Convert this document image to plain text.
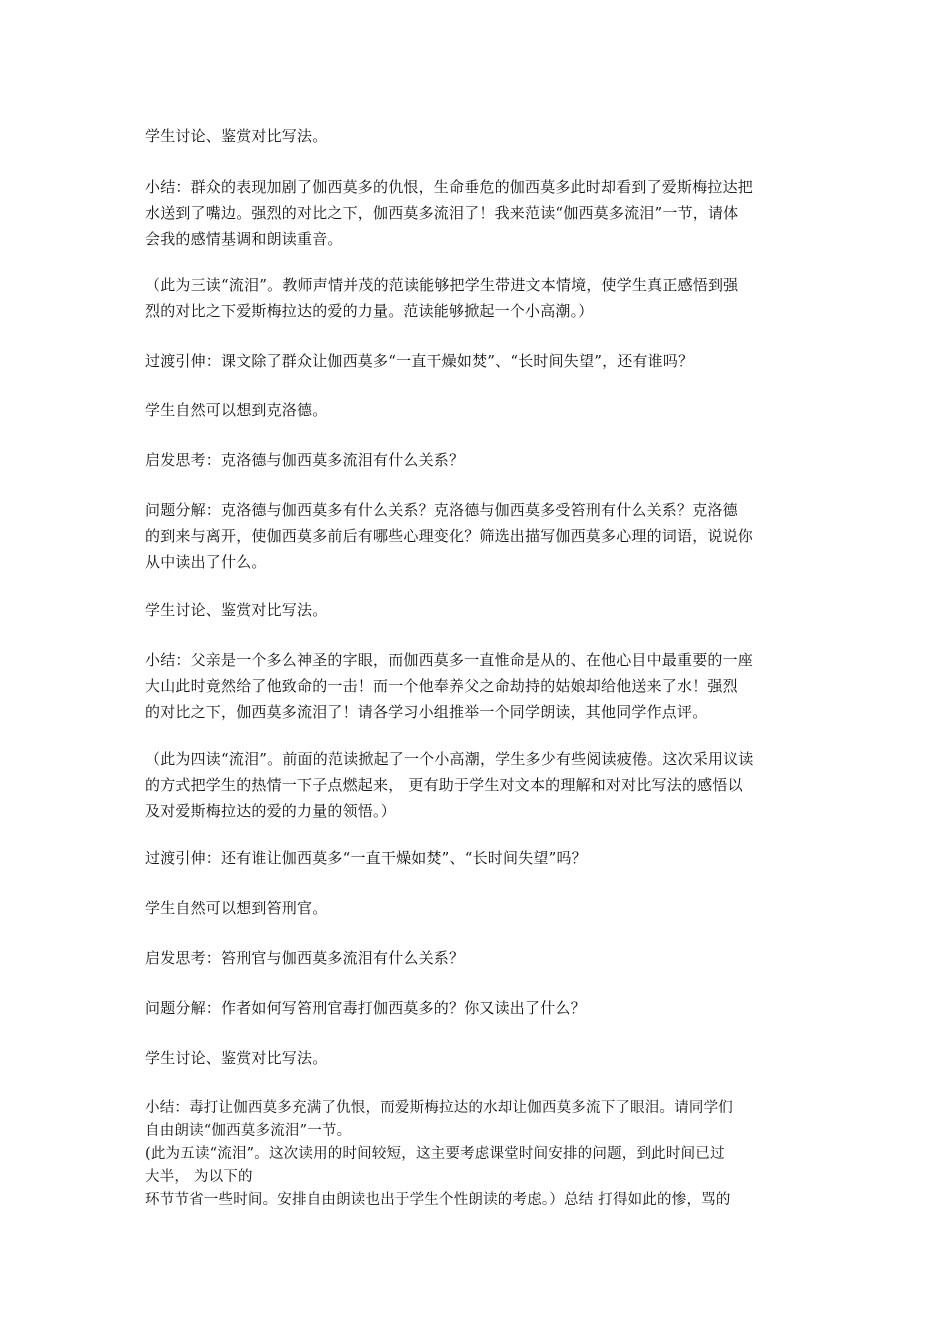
学生讨论、鉴赏对比写法。

小结：群众的表现加剧了伽西莫多的仇恨，生命垂危的伽西莫多此时却看到了爱斯梅拉达把
水送到了嘴边。强烈的对比之下，伽西莫多流泪了！我来范读“伽西莫多流泪”一节，请体
会我的感情基调和朗读重音。

（此为三读“流泪”。教师声情并茂的范读能够把学生带进文本情境，使学生真正感悟到强
烈的对比之下爱斯梅拉达的爱的力量。范读能够掀起一个小高潮。）

过渡引伸：课文除了群众让伽西莫多“一直干燥如焚”、“长时间失望”，还有谁吗？

学生自然可以想到克洛德。

启发思考：克洛德与伽西莫多流泪有什么关系？

问题分解：克洛德与伽西莫多有什么关系？克洛德与伽西莫多受笞刑有什么关系？克洛德
的到来与离开，使伽西莫多前后有哪些心理变化？筛选出描写伽西莫多心理的词语，说说你
从中读出了什么。

学生讨论、鉴赏对比写法。

小结：父亲是一个多么神圣的字眼，而伽西莫多一直惟命是从的、在他心目中最重要的一座
大山此时竟然给了他致命的一击！而一个他奉养父之命劫持的姑娘却给他送来了水！强烈
的对比之下，伽西莫多流泪了！请各学习小组推举一个同学朗读，其他同学作点评。

（此为四读“流泪”。前面的范读掀起了一个小高潮，学生多少有些阅读疲倦。这次采用议读
的方式把学生的热情一下子点燃起来， 更有助于学生对文本的理解和对对比写法的感悟以
及对爱斯梅拉达的爱的力量的领悟。）

过渡引伸：还有谁让伽西莫多“一直干燥如焚”、“长时间失望”吗？

学生自然可以想到笞刑官。

启发思考：笞刑官与伽西莫多流泪有什么关系？

问题分解：作者如何写笞刑官毒打伽西莫多的？你又读出了什么？

学生讨论、鉴赏对比写法。

小结：毒打让伽西莫多充满了仇恨，而爱斯梅拉达的水却让伽西莫多流下了眼泪。请同学们
自由朗读“伽西莫多流泪”一节。
(此为五读“流泪”。这次读用的时间较短，这主要考虑课堂时间安排的问题，到此时间已过
大半， 为以下的
环节节省一些时间。安排自由朗读也出于学生个性朗读的考虑。）总结 打得如此的惨，骂的
